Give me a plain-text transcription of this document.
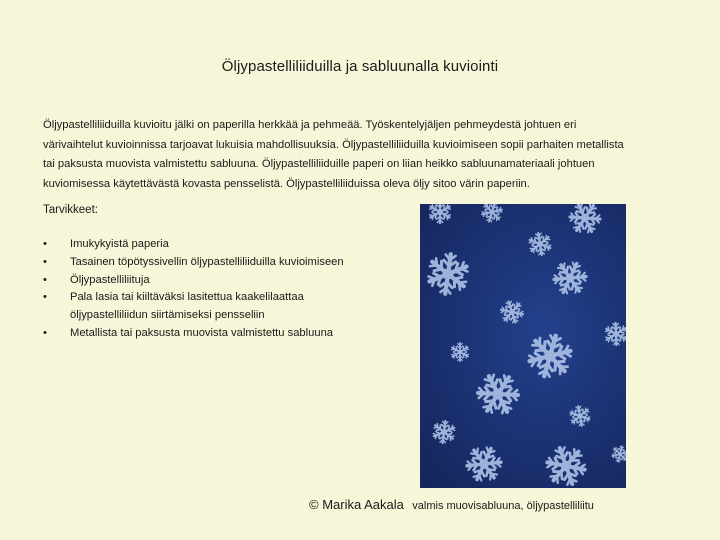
Öljypastelliliiduilla ja sabluunalla kuviointi
Öljypastelliliiduilla kuvioitu jälki on paperilla herkkää ja pehmeää. Työskentelyjäljen pehmeydestä johtuen eri
värivaihtelut kuvioinnissa tarjoavat lukuisia mahdollisuuksia. Öljypastelliliiduilla kuvioimiseen sopii parhaiten metallista
tai paksusta muovista valmistettu sabluuna. Öljypastelliliiduille paperi on liian heikko sabluunamateriaali johtuen
kuviomisessa käytettävästä kovasta pensselistä. Öljypastelliliiduissa oleva öljy sitoo värin paperiin.
Tarvikkeet:
• Imukykyistä paperia
• Tasainen töpötyssivellin öljypastelliliiduilla kuvioimiseen
• Öljypastelliliituja
• Pala lasia tai kiiltäväksi lasitettua kaakelilaattaa
öljypastelliliidun siirtämiseksi pensseliin
• Metallista tai paksusta muovista valmistettu sabluuna
© Marika Aakala valmis muovisabluuna, öljypastelliliitu
